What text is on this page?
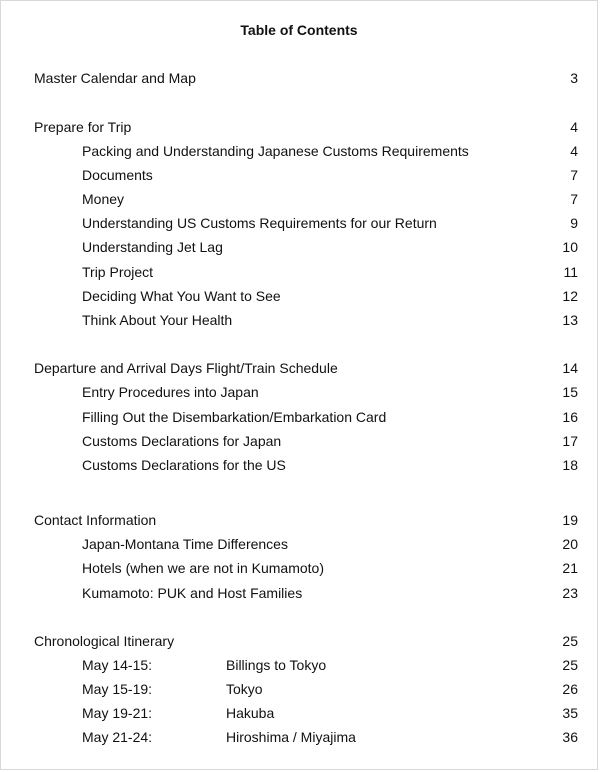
Table of Contents
Master Calendar and Map	3
Prepare for Trip	4
Packing and Understanding Japanese Customs Requirements	4
Documents	7
Money	7
Understanding US Customs Requirements for our Return	9
Understanding Jet Lag	10
Trip Project	11
Deciding What You Want to See	12
Think About Your Health	13
Departure and Arrival Days Flight/Train Schedule	14
Entry Procedures into Japan	15
Filling Out the Disembarkation/Embarkation Card	16
Customs Declarations for Japan	17
Customs Declarations for the US	18
Contact Information	19
Japan-Montana Time Differences	20
Hotels (when we are not in Kumamoto)	21
Kumamoto: PUK and Host Families	23
Chronological Itinerary	25
May 14-15:	Billings to Tokyo	25
May 15-19:	Tokyo	26
May 19-21:	Hakuba	35
May 21-24:	Hiroshima / Miyajima	36
